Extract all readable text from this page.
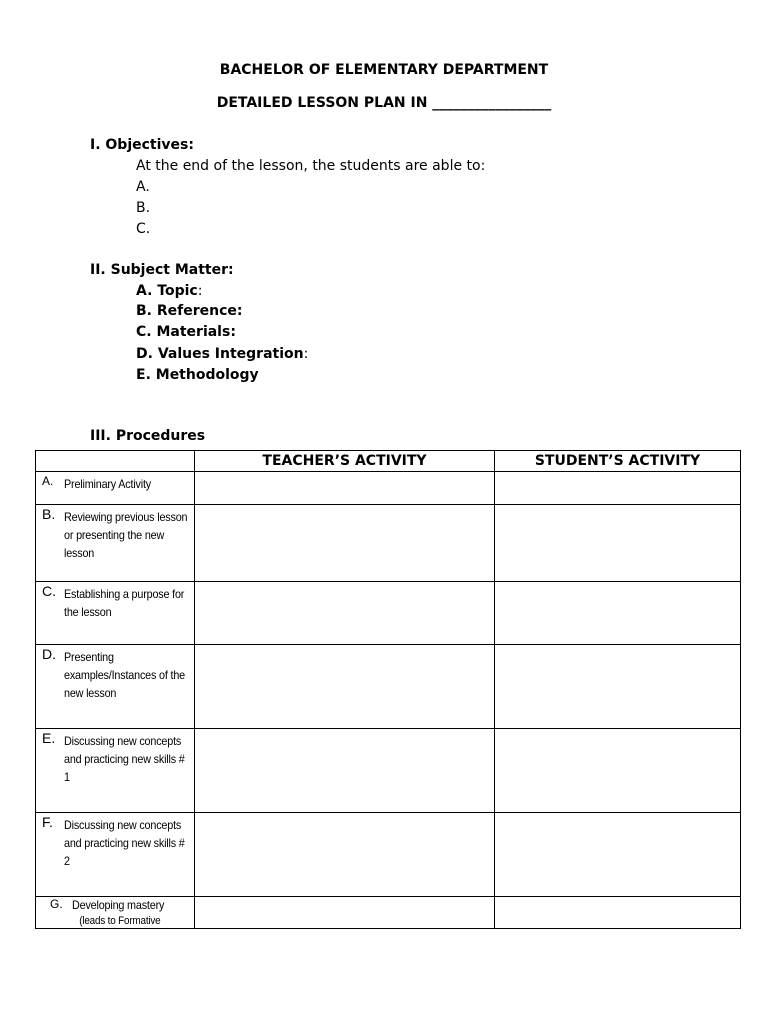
BACHELOR OF ELEMENTARY DEPARTMENT
DETAILED LESSON PLAN IN _________________
I. Objectives:
At the end of the lesson, the students are able to:
A.
B.
C.
II. Subject Matter:
A. Topic:
B. Reference:
C. Materials:
D. Values Integration:
E. Methodology
III. Procedures
	TEACHER’S ACTIVITY	STUDENT’S ACTIVITY

A. Preliminary Activity		

B. Reviewing previous lesson or presenting the new lesson		

C. Establishing a purpose for the lesson		

D. Presenting examples/Instances of the new lesson		

E. Discussing new concepts and practicing new skills # 1		

F. Discussing new concepts and practicing new skills # 2		

G. Developing mastery
(leads to Formative		
